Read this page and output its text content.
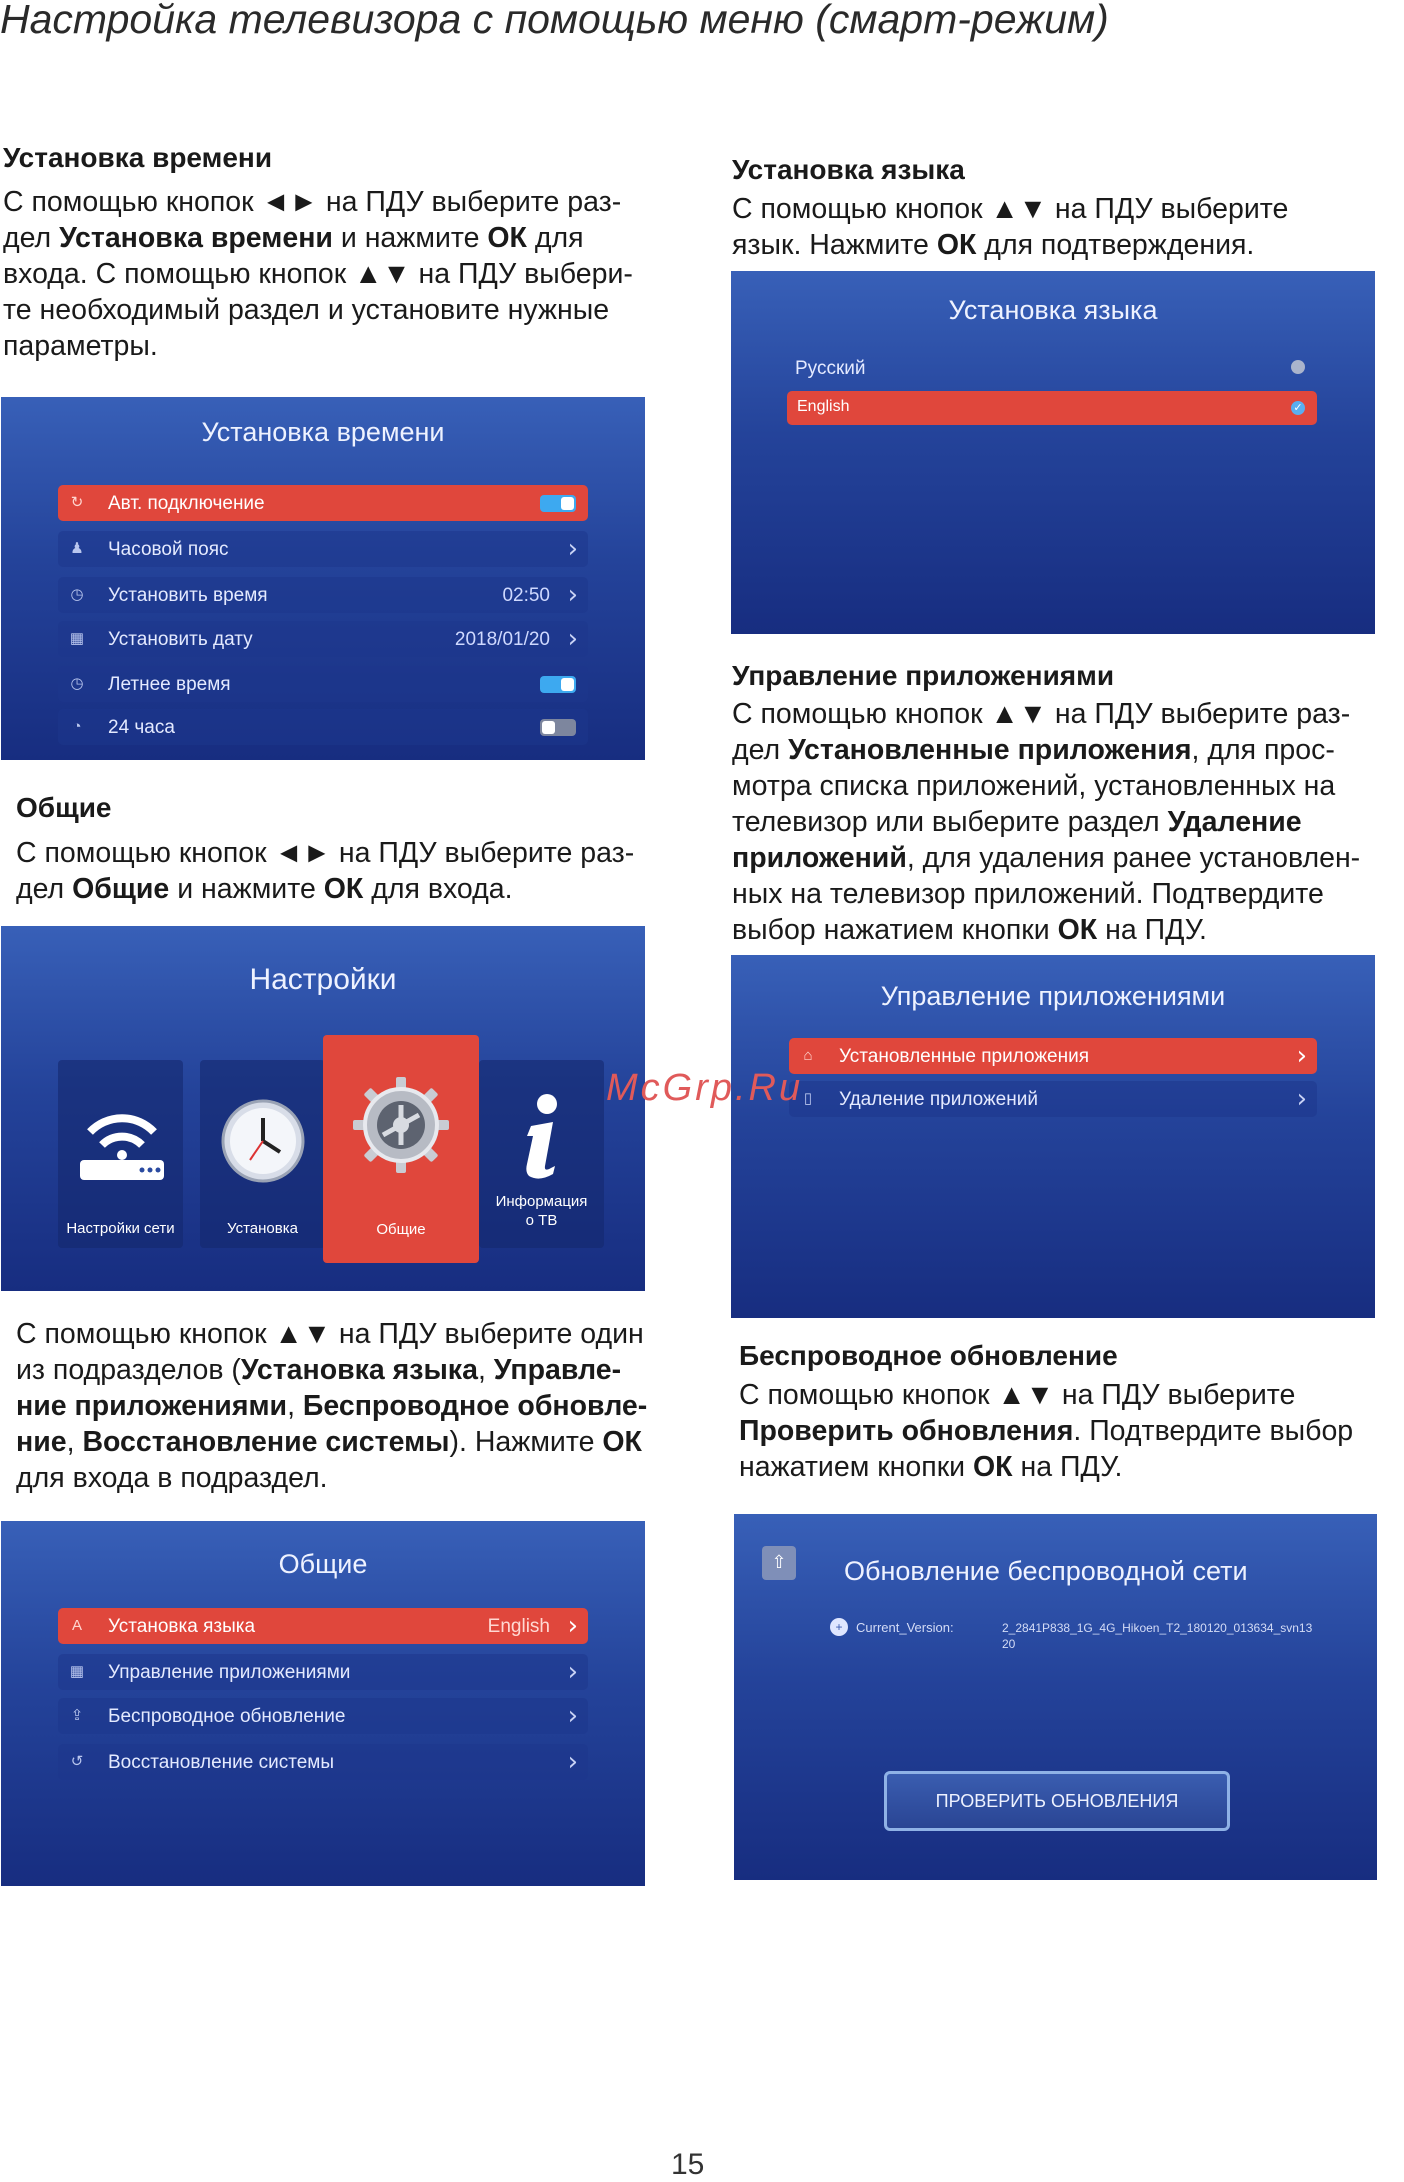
Настройка телевизора с помощью меню (смарт-режим)
Установка времени
С помощью кнопок ◄► на ПДУ выберите раз-
дел Установка времени и нажмите ОК для
входа. С помощью кнопок ▲▼ на ПДУ выбери-
те необходимый раздел и установите нужные
параметры.
Установка времени
↻ Авт. подключение
♟ Часовой пояс	›
◷ Установить время	02:50 ›
▦ Установить дату	2018/01/20 ›
◷ Летнее время
◔ 24 часа
Общие
С помощью кнопок ◄► на ПДУ выберите раз-
дел Общие и нажмите ОК для входа.
Настройки
Настройки сети	Установка	Общие
Информация
о ТВ
С помощью кнопок ▲▼ на ПДУ выберите один
из подразделов (Установка языка, Управле-
ние приложениями, Беспроводное обновле-
ние, Восстановление системы). Нажмите ОК
для входа в подраздел.
Общие
A Установка языка	English ›
▦ Управление приложениями	›
⇪ Беспроводное обновление	›
↺ Восстановление системы	›
Установка языка
С помощью кнопок ▲▼ на ПДУ выберите
язык. Нажмите ОК для подтверждения.
Установка языка
Русский
English	✓
Управление приложениями
С помощью кнопок ▲▼ на ПДУ выберите раз-
дел Установленные приложения, для прос-
мотра списка приложений, установленных на
телевизор или выберите раздел Удаление
приложений, для удаления ранее установлен-
ных на телевизор приложений. Подтвердите
выбор нажатием кнопки ОК на ПДУ.
Управление приложениями
⌂ Установленные приложения	›
▯ Удаление приложений	›
McGrp.Ru
Беспроводное обновление
С помощью кнопок ▲▼ на ПДУ выберите
Проверить обновления. Подтвердите выбор
нажатием кнопки ОК на ПДУ.
⇧	Обновление беспроводной сети
+	Current_Version:	2_2841P838_1G_4G_Hikoen_T2_180120_013634_svn13
20
ПРОВЕРИТЬ ОБНОВЛЕНИЯ
15
